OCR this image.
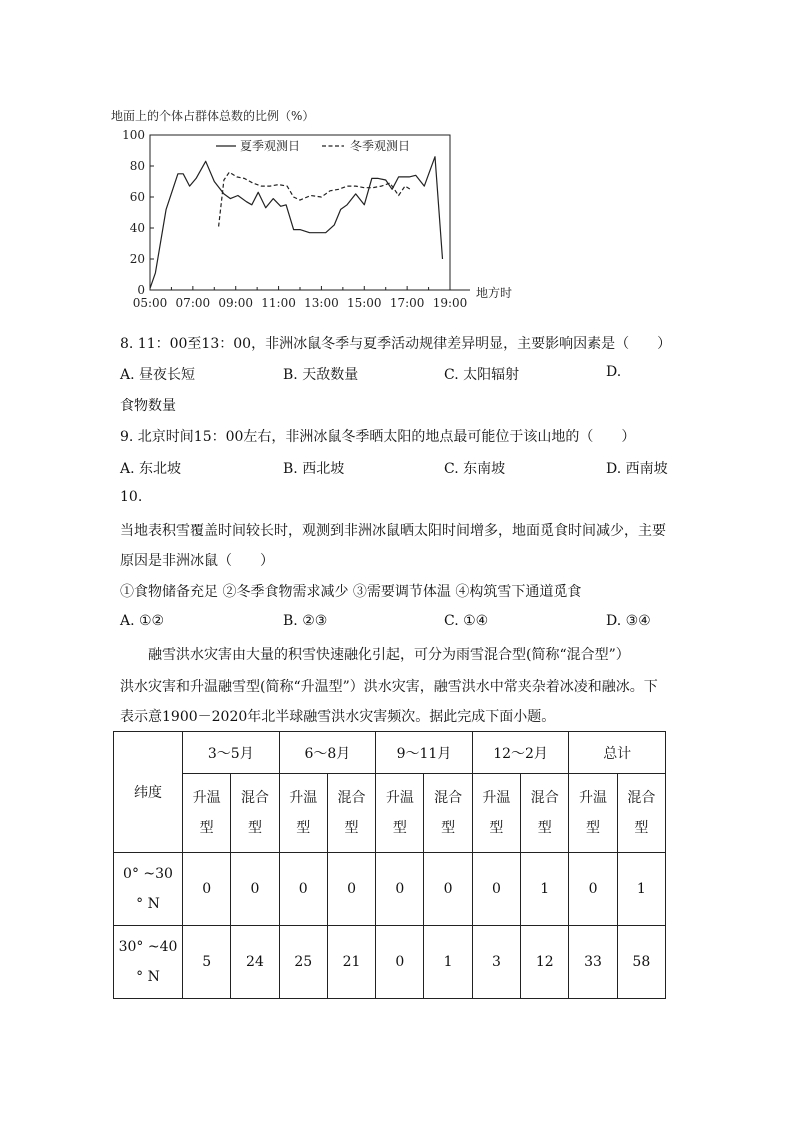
地面上的个体占群体总数的比例（%）
0
20
40
60
80
100
05:00 07:00 09:00 11:00 13:00 15:00 17:00 19:00
夏季观测日	冬季观测日
地方时
8. 11：00至13：00，非洲冰鼠冬季与夏季活动规律差异明显，主要影响因素是（　　）
A. 昼夜长短	B. 天敌数量	C. 太阳辐射	D.
食物数量
9. 北京时间15：00左右，非洲冰鼠冬季晒太阳的地点最可能位于该山地的（　　）
A. 东北坡	B. 西北坡	C. 东南坡	D. 西南坡
10.
当地表积雪覆盖时间较长时，观测到非洲冰鼠晒太阳时间增多，地面觅食时间减少，主要
原因是非洲冰鼠（　　）
①食物储备充足 ②冬季食物需求减少 ③需要调节体温 ④构筑雪下通道觅食
A. ①②	B. ②③	C. ①④	D. ③④
融雪洪水灾害由大量的积雪快速融化引起，可分为雨雪混合型(简称“混合型”）
洪水灾害和升温融雪型(简称“升温型”）洪水灾害，融雪洪水中常夹杂着冰凌和融冰。下
表示意1900－2020年北半球融雪洪水灾害频次。据此完成下面小题。
纬度	3～5月		6～8月		9～11月		12～2月		总计	
	升温
型	混合
型	升温
型	混合
型	升温
型	混合
型	升温
型	混合
型	升温
型	混合
型
0° ~30
° N	0	0	0	0	0	0	0	1	0	1
30° ~40
° N	5	24	25	21	0	1	3	12	33	58
